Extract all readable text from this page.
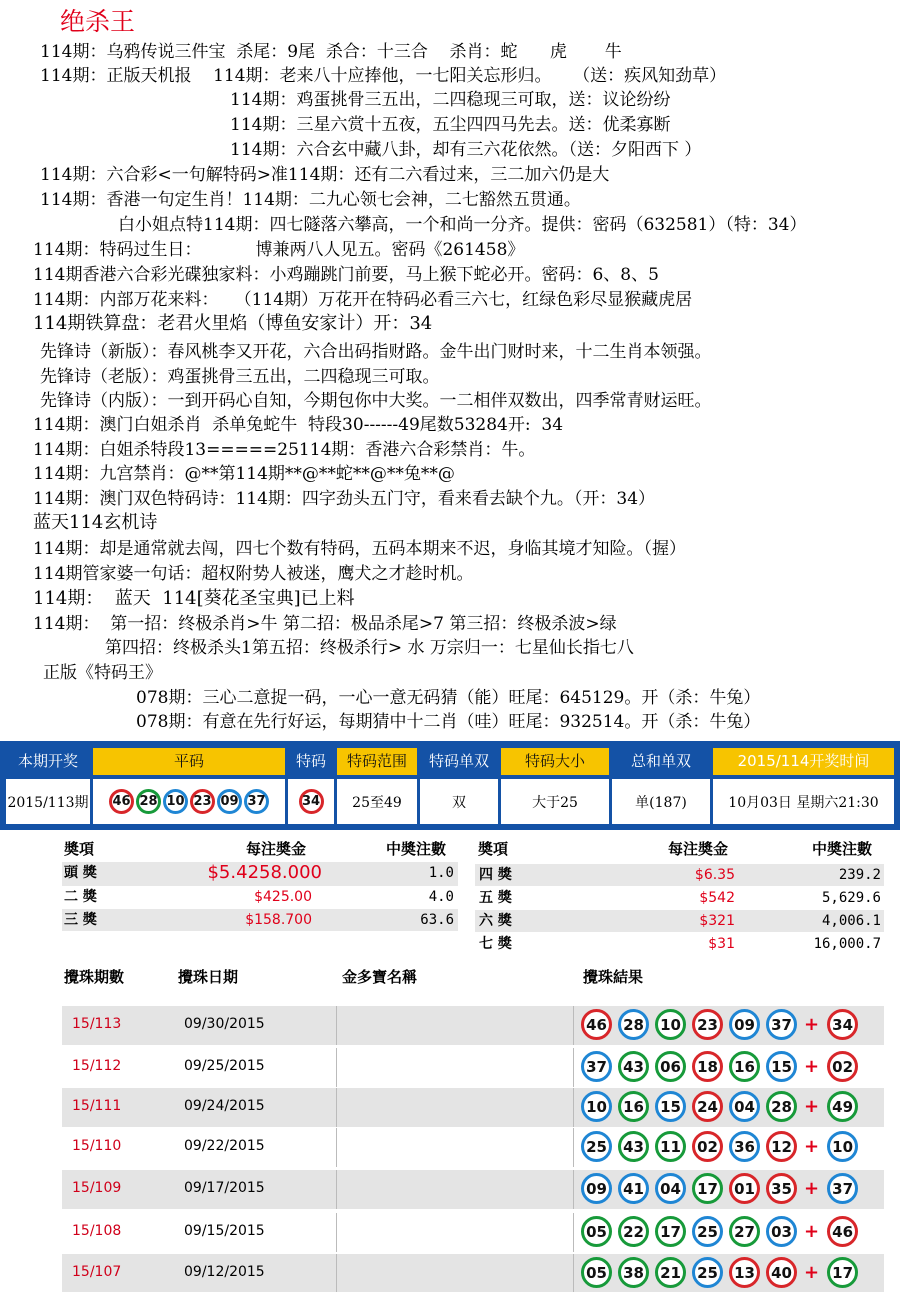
绝杀王
114期：乌鸦传说三件宝  杀尾：9尾  杀合：十三合    杀肖：蛇      虎       牛
114期：正版天机报    114期：老来八十应捧他，一七阳关忘形归。    （送：疾风知劲草）
114期：鸡蛋挑骨三五出，二四稳现三可取，送：议论纷纷
114期：三星六赏十五夜，五尘四四马先去。送：优柔寡断
114期：六合玄中藏八卦，却有三六花依然。（送：夕阳西下 ）
114期：六合彩<一句解特码>准114期：还有二六看过来，三二加六仍是大
114期：香港一句定生肖！114期：二九心领七会神，二七豁然五贯通。
白小姐点特114期：四七隧落六攀高，一个和尚一分齐。提供：密码（632581）（特：34）
114期：特码过生日：          博兼两八人见五。密码《261458》
114期香港六合彩光碟独家料：小鸡蹦跳门前要，马上猴下蛇必开。密码：6、8、5
114期：内部万花来料：   （114期）万花开在特码必看三六七，红绿色彩尽显猴藏虎居
114期铁算盘：老君火里焰（博鱼安家计）开：34
先锋诗（新版）：春风桃李又开花，六合出码指财路。金牛出门财时来，十二生肖本领强。
先锋诗（老版）：鸡蛋挑骨三五出，二四稳现三可取。
先锋诗（内版）：一到开码心自知，今期包你中大奖。一二相伴双数出，四季常青财运旺。
114期：澳门白姐杀肖  杀单兔蛇牛  特段30------49尾数53284开:  34
114期：白姐杀特段13=====25114期：香港六合彩禁肖：牛。
114期：九宫禁肖：@**第114期**@**蛇**@**兔**@
114期：澳门双色特码诗：114期：四字劲头五门守，看来看去缺个九。（开：34）
蓝天114玄机诗
114期：却是通常就去闯，四七个数有特码，五码本期来不迟，身临其境才知险。（握）
114期管家婆一句话：超权附势人被迷，鹰犬之才趁时机。
114期：  蓝天  114[葵花圣宝典]已上料
114期：  第一招：终极杀肖>牛 第二招：极品杀尾>7 第三招：终极杀波>绿
第四招：终极杀头1第五招：终极杀行> 水 万宗归一：七星仙长指七八
正版《特码王》
078期：三心二意捉一码，一心一意无码猜（能）旺尾：645129。开（杀：牛兔）
078期：有意在先行好运，每期猜中十二肖（哇）旺尾：932514。开（杀：牛兔）
本期开奖	平码	特码	特码范围	特码单双	特码大小	总和单双	2015/114开奖时间
2015/113期 46 28 10 23 09 37	34	25至49	双	大于25	单(187)	10月03日 星期六21:30
奬項	每注奬金	中奬注數 奬項	每注奬金	中奬注數
頭 獎	$5.4258.000	1.0
二 獎	$425.00	4.0
三 獎	$158.700	63.6
四 獎	$6.35	239.2
五 獎	$542	5,629.6
六 獎	$321	4,006.1
七 獎	$31	16,000.7
攪珠期數	攪珠日期	金多寶名稱	攪珠結果
15/113	09/30/2015	46	28	10	23	09	37 + 34
15/112	09/25/2015	37	43	06	18	16	15 + 02
15/111	09/24/2015	10	16	15	24	04	28 + 49
15/110	09/22/2015	25	43	11	02	36	12 + 10
15/109	09/17/2015	09	41	04	17	01	35 + 37
15/108	09/15/2015	05	22	17	25	27	03 + 46
15/107	09/12/2015	05	38	21	25	13	40 + 17
